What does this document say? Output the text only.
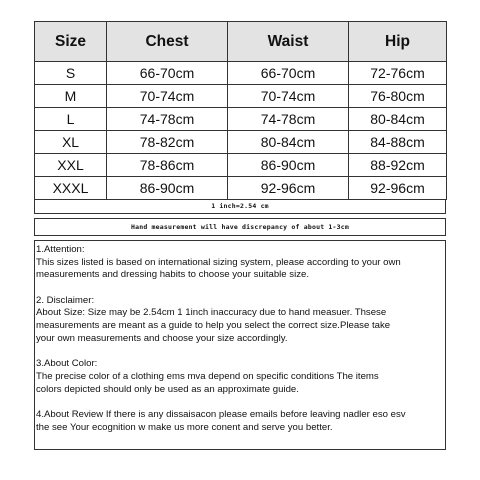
Size	Chest	Waist	Hip
S	66-70cm	66-70cm	72-76cm
M	70-74cm	70-74cm	76-80cm
L	74-78cm	74-78cm	80-84cm
XL	78-82cm	80-84cm	84-88cm
XXL	78-86cm	86-90cm	88-92cm
XXXL	86-90cm	92-96cm	92-96cm
1 inch=2.54 cm
Hand measurement will have discrepancy of about 1-3cm

1.Attention:
This sizes listed is based on international sizing system, please according to your own
measurements and dressing habits to choose your suitable size.

2. Disclaimer:
About Size: Size may be 2.54cm 1 1inch inaccuracy due to hand measuer. Thsese
measurements are meant as a guide to help you select the correct size.Please take
your own measurements and choose your size accordingly.

3.About Color:
The precise color of a clothing ems mva depend on specific conditions The items
colors depicted should only be used as an approximate guide.

4.About Review If there is any dissaisacon please emails before leaving nadler eso esv
the see Your ecognition w make us more conent and serve you better.
